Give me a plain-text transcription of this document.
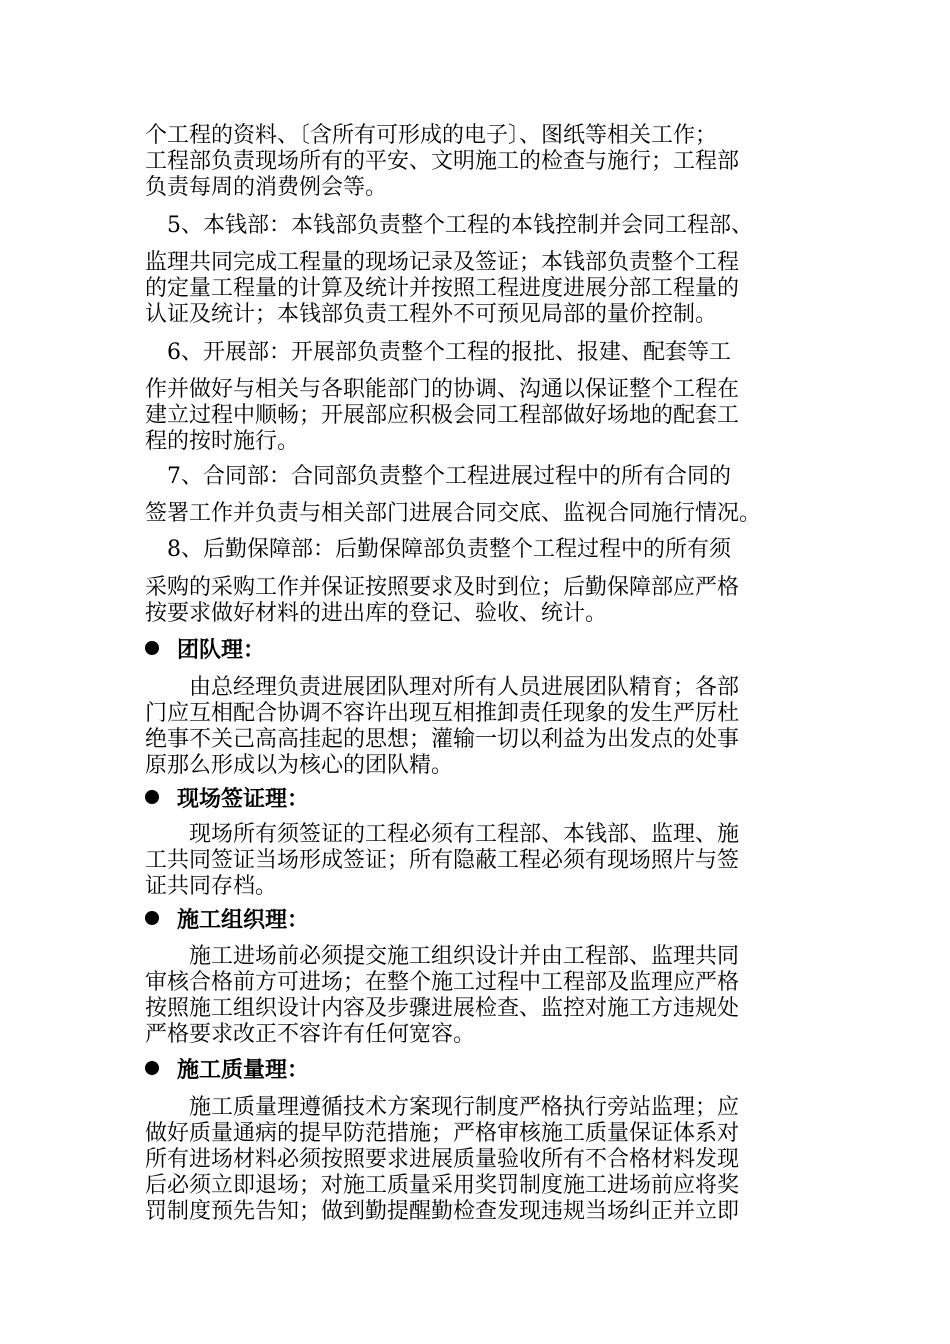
个工程的资料、〔含所有可形成的电子〕、图纸等相关工作；
工程部负责现场所有的平安、文明施工的检查与施行；工程部
负责每周的消费例会等。
　5、本钱部：本钱部负责整个工程的本钱控制并会同工程部、
监理共同完成工程量的现场记录及签证；本钱部负责整个工程
的定量工程量的计算及统计并按照工程进度进展分部工程量的
认证及统计；本钱部负责工程外不可预见局部的量价控制。
　6、开展部：开展部负责整个工程的报批、报建、配套等工
作并做好与相关与各职能部门的协调、沟通以保证整个工程在
建立过程中顺畅；开展部应积极会同工程部做好场地的配套工
程的按时施行。
　7、合同部：合同部负责整个工程进展过程中的所有合同的
签署工作并负责与相关部门进展合同交底、监视合同施行情况。
　8、后勤保障部：后勤保障部负责整个工程过程中的所有须
采购的采购工作并保证按照要求及时到位；后勤保障部应严格
按要求做好材料的进出库的登记、验收、统计。
团队理：
　　由总经理负责进展团队理对所有人员进展团队精育；各部
门应互相配合协调不容许出现互相推卸责任现象的发生严厉杜
绝事不关己高高挂起的思想；灌输一切以利益为出发点的处事
原那么形成以为核心的团队精。
现场签证理：
　　现场所有须签证的工程必须有工程部、本钱部、监理、施
工共同签证当场形成签证；所有隐蔽工程必须有现场照片与签
证共同存档。
施工组织理：
　　施工进场前必须提交施工组织设计并由工程部、监理共同
审核合格前方可进场；在整个施工过程中工程部及监理应严格
按照施工组织设计内容及步骤进展检查、监控对施工方违规处
严格要求改正不容许有任何宽容。
施工质量理：
　　施工质量理遵循技术方案现行制度严格执行旁站监理；应
做好质量通病的提早防范措施；严格审核施工质量保证体系对
所有进场材料必须按照要求进展质量验收所有不合格材料发现
后必须立即退场；对施工质量采用奖罚制度施工进场前应将奖
罚制度预先告知；做到勤提醒勤检查发现违规当场纠正并立即
